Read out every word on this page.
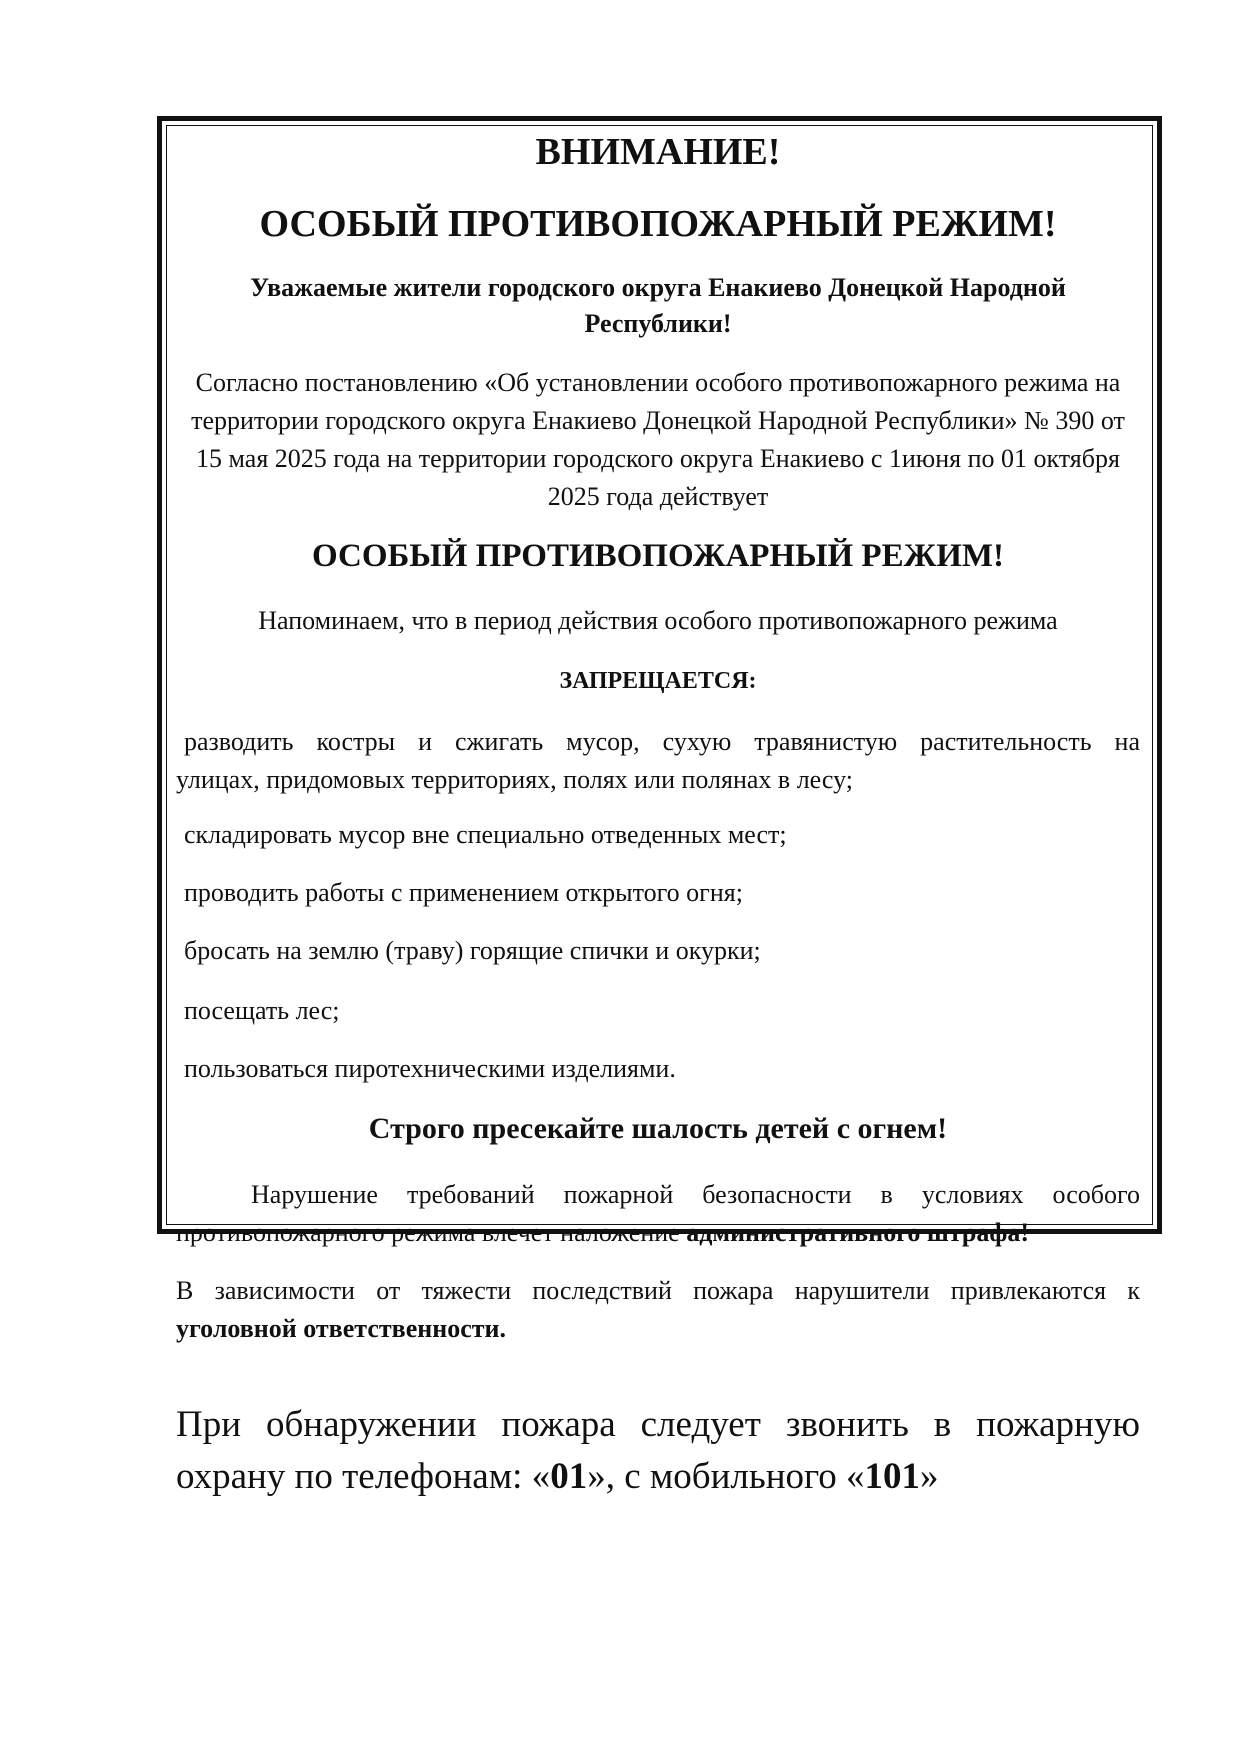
ВНИМАНИЕ!
ОСОБЫЙ ПРОТИВОПОЖАРНЫЙ РЕЖИМ!

Уважаемые жители городского округа Енакиево Донецкой Народной Республики!

Согласно постановлению «Об установлении особого противопожарного режима на территории городского округа Енакиево Донецкой Народной Республики» № 390 от 15 мая 2025 года на территории городского округа Енакиево с 1июня по 01 октября 2025 года действует

ОСОБЫЙ ПРОТИВОПОЖАРНЫЙ РЕЖИМ!

Напоминаем, что в период действия особого противопожарного режима

ЗАПРЕЩАЕТСЯ:

разводить костры и сжигать мусор, сухую травянистую растительность на
улицах, придомовых территориях, полях или полянах в лесу;

складировать мусор вне специально отведенных мест;

проводить работы с применением открытого огня;

бросать на землю (траву) горящие спички и окурки;

посещать лес;

пользоваться пиротехническими изделиями.

Строго пресекайте шалость детей с огнем!

Нарушение требований пожарной безопасности в условиях особого
противопожарного режима влечет наложение административного штрафа!

В зависимости от тяжести последствий пожара нарушители привлекаются к
уголовной ответственности.

При обнаружении пожара следует звонить в пожарную
охрану по телефонам: «01», с мобильного «101»
